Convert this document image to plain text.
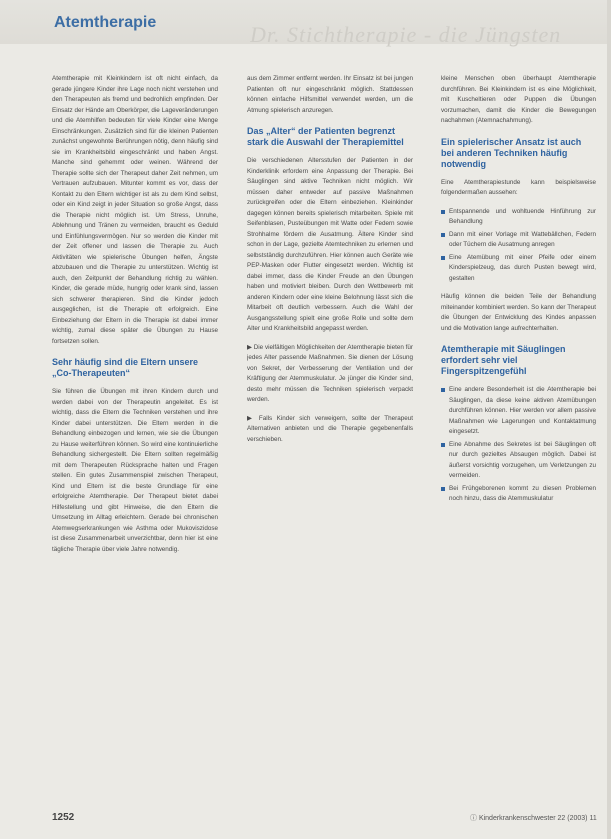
Dr. Stichtherapie - die Jüngsten
Atemtherapie

Atemtherapie mit Kleinkindern ist oft nicht einfach, da gerade jüngere Kinder ihre Lage noch nicht verstehen und den Therapeuten als fremd und bedrohlich empfinden. Der Einsatz der Hände am Oberkörper, die Lageveränderungen und die Atemhilfen bedeuten für viele Kinder eine Menge Einschränkungen. Zusätzlich sind für die kleinen Patienten zunächst ungewohnte Berührungen nötig, denn häufig sind sie im Krankheitsbild eingeschränkt und haben Angst. Manche sind gehemmt oder weinen. Während der Therapie sollte sich der Therapeut daher Zeit nehmen, um Vertrauen aufzubauen. Mitunter kommt es vor, dass der Kontakt zu den Eltern wichtiger ist als zu dem Kind selbst, oder ein Kind zeigt in jeder Situation so große Angst, dass die Therapie nicht möglich ist. Um Stress, Unruhe, Ablehnung und Tränen zu vermeiden, braucht es Geduld und Einfühlungsvermögen. Nur so werden die Kinder mit der Zeit offener und lassen die Therapie zu. Auch Aktivitäten wie spielerische Übungen helfen, Ängste abzubauen und die Therapie zu unterstützen. Wichtig ist auch, den Zeitpunkt der Behandlung richtig zu wählen. Kinder, die gerade müde, hungrig oder krank sind, lassen sich schwerer therapieren. Sind die Kinder jedoch ausgeglichen, ist die Therapie oft erfolgreich. Eine Einbeziehung der Eltern in die Therapie ist dabei immer wichtig, zumal diese später die Übungen zu Hause fortsetzen sollen.

Sehr häufig sind die Eltern unsere „Co-Therapeuten“

Sie führen die Übungen mit ihren Kindern durch und werden dabei von der Therapeutin angeleitet. Es ist wichtig, dass die Eltern die Techniken verstehen und ihre Kinder dabei unterstützen. Die Eltern werden in die Behandlung einbezogen und lernen, wie sie die Übungen zu Hause weiterführen können. So wird eine kontinuierliche Behandlung sichergestellt. Die Eltern sollten regelmäßig mit dem Therapeuten Rücksprache halten und Fragen stellen. Ein gutes Zusammenspiel zwischen Therapeut, Kind und Eltern ist die beste Grundlage für eine erfolgreiche Atemtherapie. Der Therapeut bietet dabei Hilfestellung und gibt Hinweise, die den Eltern die Umsetzung im Alltag erleichtern. Gerade bei chronischen Atemwegserkrankungen wie Asthma oder Mukoviszidose ist diese Zusammenarbeit unverzichtbar, denn hier ist eine tägliche Therapie über viele Jahre notwendig.

aus dem Zimmer entfernt werden. Ihr Einsatz ist bei jungen Patienten oft nur eingeschränkt möglich. Stattdessen können einfache Hilfsmittel verwendet werden, um die Atmung spielerisch anzuregen.

Das „Alter“ der Patienten begrenzt stark die Auswahl der Therapiemittel

Die verschiedenen Altersstufen der Patienten in der Kinderklinik erfordern eine Anpassung der Therapie. Bei Säuglingen sind aktive Techniken nicht möglich. Wir müssen daher entweder auf passive Maßnahmen zurückgreifen oder die Eltern einbeziehen. Kleinkinder dagegen können bereits spielerisch mitarbeiten. Spiele mit Seifenblasen, Pusteübungen mit Watte oder Federn sowie Strohhalme fördern die Ausatmung. Ältere Kinder sind schon in der Lage, gezielte Atemtechniken zu erlernen und selbstständig durchzuführen. Hier können auch Geräte wie PEP-Masken oder Flutter eingesetzt werden. Wichtig ist dabei immer, dass die Kinder Freude an den Übungen haben und motiviert bleiben. Durch den Wettbewerb mit anderen Kindern oder eine kleine Belohnung lässt sich die Mitarbeit oft deutlich verbessern. Auch die Wahl der Ausgangsstellung spielt eine große Rolle und sollte dem Alter und Krankheitsbild angepasst werden.

▶ Die vielfältigen Möglichkeiten der Atemtherapie bieten für jedes Alter passende Maßnahmen. Sie dienen der Lösung von Sekret, der Verbesserung der Ventilation und der Kräftigung der Atemmuskulatur. Je jünger die Kinder sind, desto mehr müssen die Techniken spielerisch verpackt werden.

▶ Falls Kinder sich verweigern, sollte der Therapeut Alternativen anbieten und die Therapie gegebenenfalls verschieben.

kleine Menschen oben überhaupt Atemtherapie durchführen. Bei Kleinkindern ist es eine Möglichkeit, mit Kuscheltieren oder Puppen die Übungen vorzumachen, damit die Kinder die Bewegungen nachahmen (Atemnachahmung).

Ein spielerischer Ansatz ist auch bei anderen Techniken häufig notwendig

Eine Atemtherapiestunde kann beispielsweise folgendermaßen aussehen:

Entspannende und wohltuende Hinführung zur Behandlung
Dann mit einer Vorlage mit Wattebällchen, Federn oder Tüchern die Ausatmung anregen
Eine Atemübung mit einer Pfeife oder einem Kinderspielzeug, das durch Pusten bewegt wird, gestalten

Häufig können die beiden Teile der Behandlung miteinander kombiniert werden. So kann der Therapeut die Übungen der Entwicklung des Kindes anpassen und die Motivation lange aufrechterhalten.

Atemtherapie mit Säuglingen erfordert sehr viel Fingerspitzengefühl
Eine andere Besonderheit ist die Atemtherapie bei Säuglingen, da diese keine aktiven Atemübungen durchführen können. Hier werden vor allem passive Maßnahmen wie Lagerungen und Kontaktatmung eingesetzt.
Eine Abnahme des Sekretes ist bei Säuglingen oft nur durch gezieltes Absaugen möglich. Dabei ist äußerst vorsichtig vorzugehen, um Verletzungen zu vermeiden.
Bei Frühgeborenen kommt zu diesen Problemen noch hinzu, dass die Atemmuskulatur
1252	ⓘ Kinderkrankenschwester 22 (2003) 11
